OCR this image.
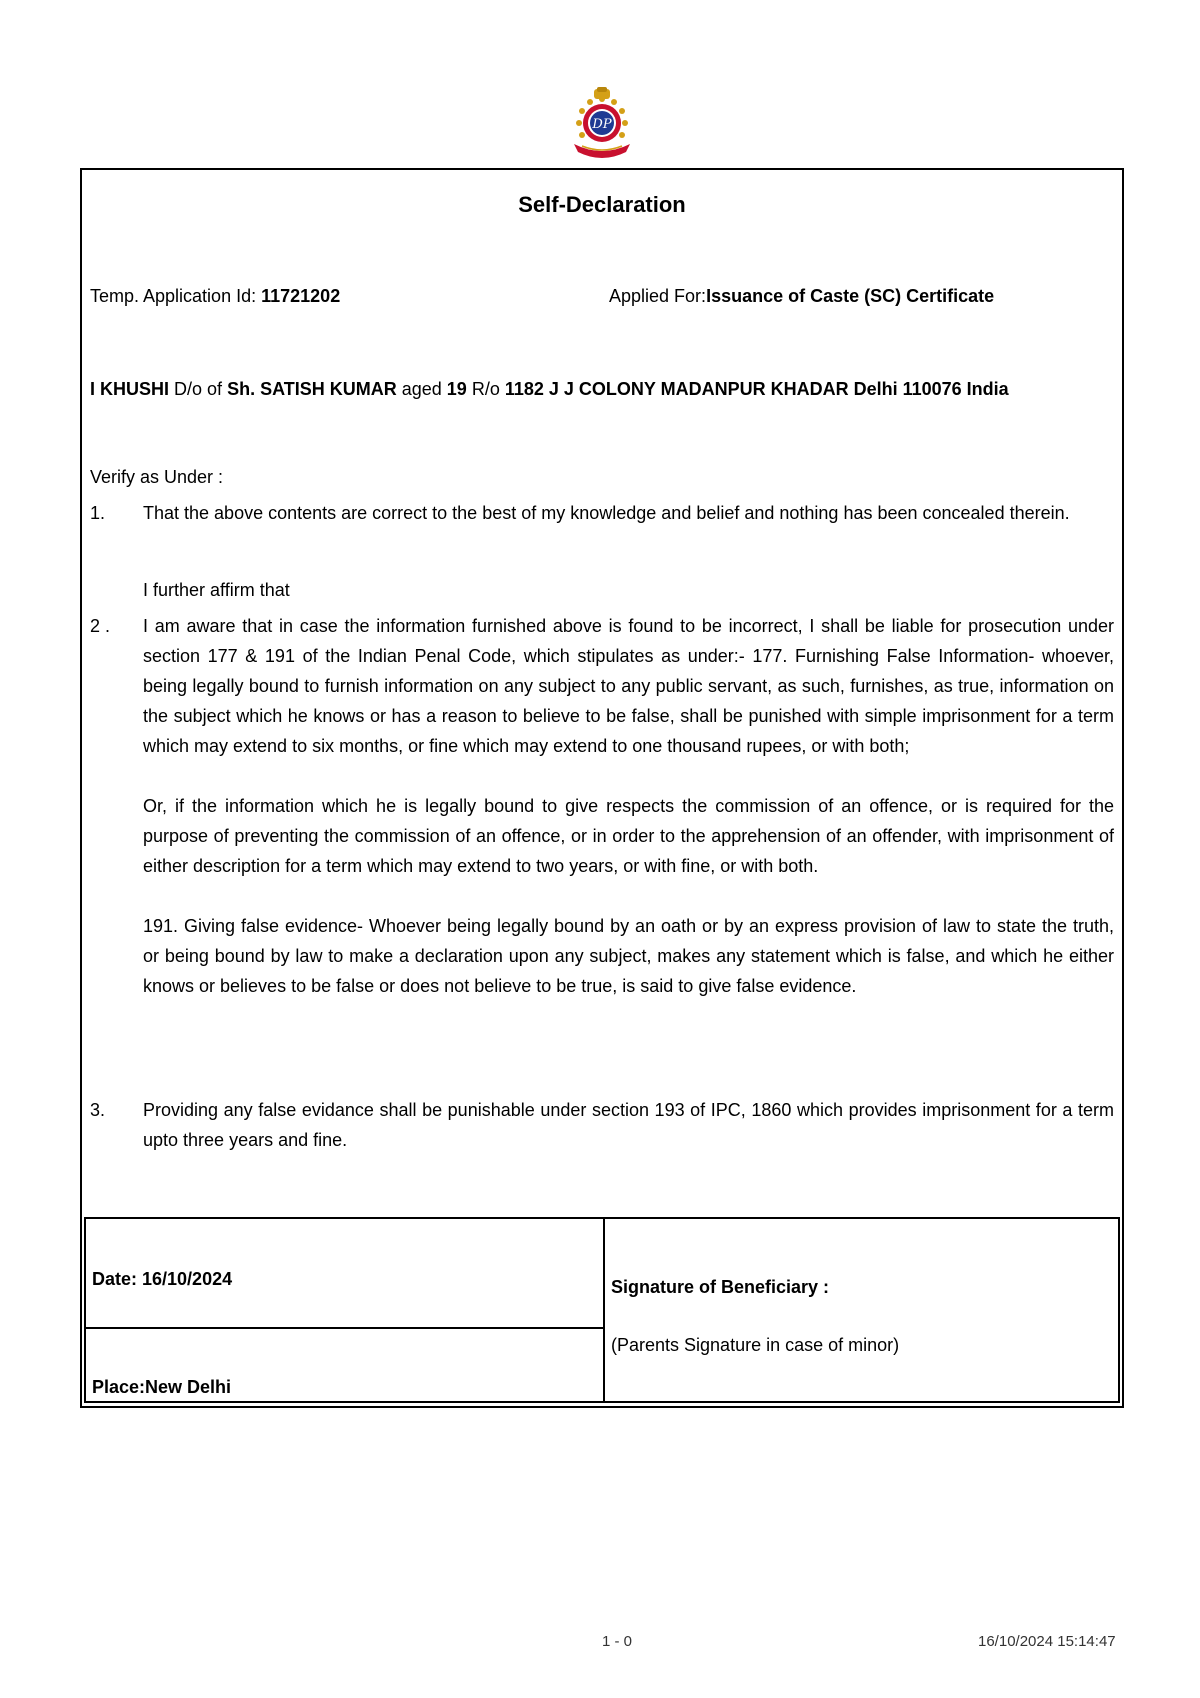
DP
Self-Declaration
Temp. Application Id: 11721202	Applied For:Issuance of Caste (SC) Certificate
I KHUSHI D/o of Sh. SATISH KUMAR aged 19 R/o 1182 J J COLONY MADANPUR KHADAR Delhi 110076 India
Verify as Under :
1. That the above contents are correct to the best of my knowledge and belief and nothing has been concealed therein.
I further affirm that
2 . I am aware that in case the information furnished above is found to be incorrect, I shall be liable for prosecution under section 177 & 191 of the Indian Penal Code, which stipulates as under:- 177. Furnishing False Information- whoever, being legally bound to furnish information on any subject to any public servant, as such, furnishes, as true, information on the subject which he knows or has a reason to believe to be false, shall be punished with simple imprisonment for a term which may extend to six months, or fine which may extend to one thousand rupees, or with both;

Or, if the information which he is legally bound to give respects the commission of an offence, or is required for the purpose of preventing the commission of an offence, or in order to the apprehension of an offender, with imprisonment of either description for a term which may extend to two years, or with fine, or with both.

191. Giving false evidence- Whoever being legally bound by an oath or by an express provision of law to state the truth, or being bound by law to make a declaration upon any subject, makes any statement which is false, and which he either knows or believes to be false or does not believe to be true, is said to give false evidence.

3. Providing any false evidance shall be punishable under section 193 of IPC, 1860 which provides imprisonment for a term upto three years and fine.
Date: 16/10/2024
Place:New Delhi
Signature of Beneficiary :
(Parents Signature in case of minor)
1 - 0	16/10/2024 15:14:47
